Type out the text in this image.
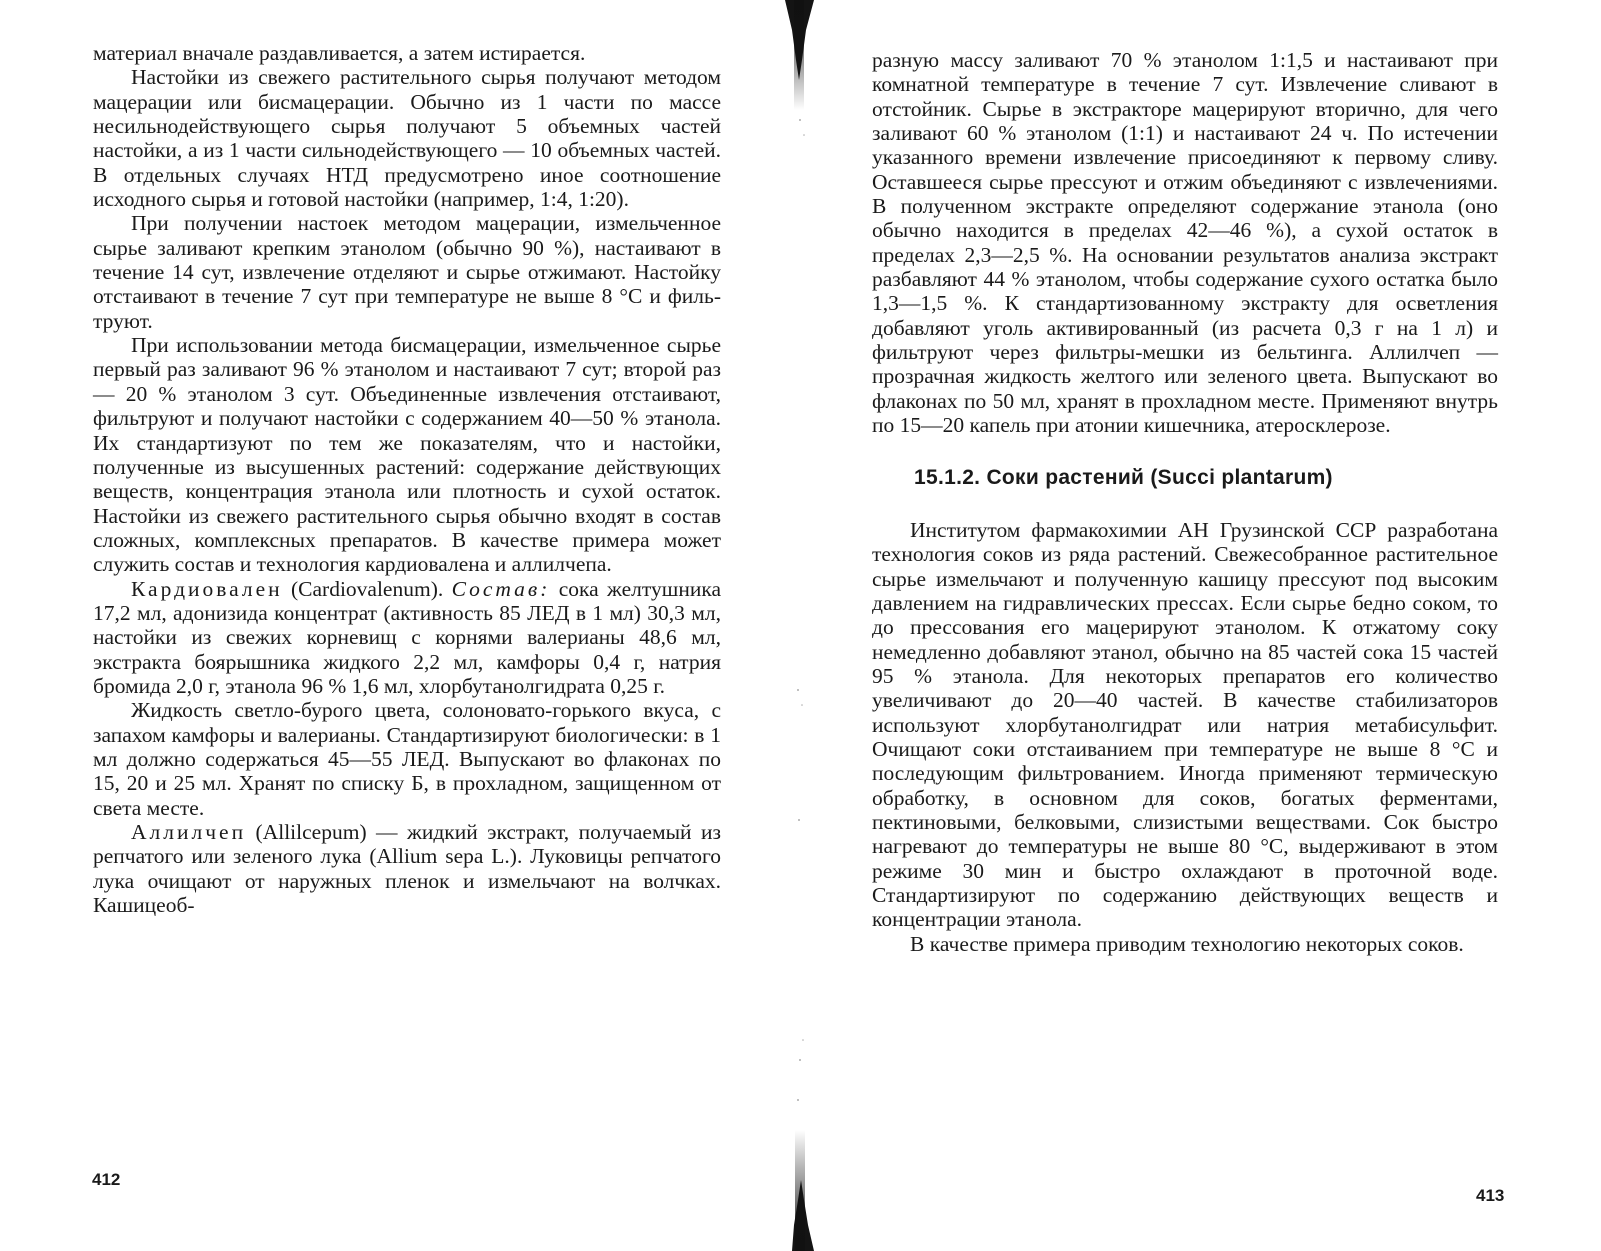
материал вначале раздавливается, а затем истирается.

Настойки из свежего растительного сырья получают методом мацерации или бисмацерации. Обычно из 1 части по массе несильнодействующего сырья получают 5 объемных частей настойки, а из 1 части сильнодействующего — 10 объемных частей. В отдельных случаях НТД предусмотрено иное соотношение исходного сырья и готовой настойки (например, 1:4, 1:20).

При получении настоек методом мацерации, измельченное сырье заливают крепким этанолом (обычно 90 %), настаивают в течение 14 сут, извлечение отделяют и сырье отжимают. Настойку отстаивают в течение 7 сут при температуре не выше 8 °С и фильтруют.

При использовании метода бисмацерации, измельченное сырье первый раз заливают 96 % этанолом и настаивают 7 сут; второй раз — 20 % этанолом 3 сут. Объединенные извлечения отстаивают, фильтруют и получают настойки с содержанием 40—50 % этанола. Их стандартизуют по тем же показателям, что и настойки, полученные из высушенных растений: содержание действующих веществ, концентрация этанола или плотность и сухой остаток. Настойки из свежего растительного сырья обычно входят в состав сложных, комплексных препаратов. В качестве примера может служить состав и технология кардиовалена и аллилчепа.

Кардиовален (Cardiovalenum). Состав: сока желтушника 17,2 мл, адонизида концентрат (активность 85 ЛЕД в 1 мл) 30,3 мл, настойки из свежих корневищ с корнями валерианы 48,6 мл, экстракта боярышника жидкого 2,2 мл, камфоры 0,4 г, натрия бромида 2,0 г, этанола 96 % 1,6 мл, хлорбутанолгидрата 0,25 г.

Жидкость светло-бурого цвета, солоновато-горького вкуса, с запахом камфоры и валерианы. Стандартизируют биологически: в 1 мл должно содержаться 45—55 ЛЕД. Выпускают во флаконах по 15, 20 и 25 мл. Хранят по списку Б, в прохладном, защищенном от света месте.

Аллилчеп (Allilcepum) — жидкий экстракт, получаемый из репчатого или зеленого лука (Allium sepa L.). Луковицы репчатого лука очищают от наружных пленок и измельчают на волчках. Кашицеоб-

412

разную массу заливают 70 % этанолом 1:1,5 и настаивают при комнатной температуре в течение 7 сут. Извлечение сливают в отстойник. Сырье в экстракторе мацерируют вторично, для чего заливают 60 % этанолом (1:1) и настаивают 24 ч. По истечении указанного времени извлечение присоединяют к первому сливу. Оставшееся сырье прессуют и отжим объединяют с извлечениями. В полученном экстракте определяют содержание этанола (оно обычно находится в пределах 42—46 %), а сухой остаток в пределах 2,3—2,5 %. На основании результатов анализа экстракт разбавляют 44 % этанолом, чтобы содержание сухого остатка было 1,3—1,5 %. К стандартизованному экстракту для осветления добавляют уголь активированный (из расчета 0,3 г на 1 л) и фильтруют через фильтры-мешки из бельтинга. Аллилчеп — прозрачная жидкость желтого или зеленого цвета. Выпускают во флаконах по 50 мл, хранят в прохладном месте. Применяют внутрь по 15—20 капель при атонии кишечника, атеросклерозе.

15.1.2. Соки растений (Succi plantarum)

Институтом фармакохимии АН Грузинской ССР разработана технология соков из ряда растений. Свежесобранное растительное сырье измельчают и полученную кашицу прессуют под высоким давлением на гидравлических прессах. Если сырье бедно соком, то до прессования его мацерируют этанолом. К отжатому соку немедленно добавляют этанол, обычно на 85 частей сока 15 частей 95 % этанола. Для некоторых препаратов его количество увеличивают до 20—40 частей. В качестве стабилизаторов используют хлорбутанолгидрат или натрия метабисульфит. Очищают соки отстаиванием при температуре не выше 8 °С и последующим фильтрованием. Иногда применяют термическую обработку, в основном для соков, богатых ферментами, пектиновыми, белковыми, слизистыми веществами. Сок быстро нагревают до температуры не выше 80 °С, выдерживают в этом режиме 30 мин и быстро охлаждают в проточной воде. Стандартизируют по содержанию действующих веществ и концентрации этанола.

В качестве примера приводим технологию некоторых соков.

413
